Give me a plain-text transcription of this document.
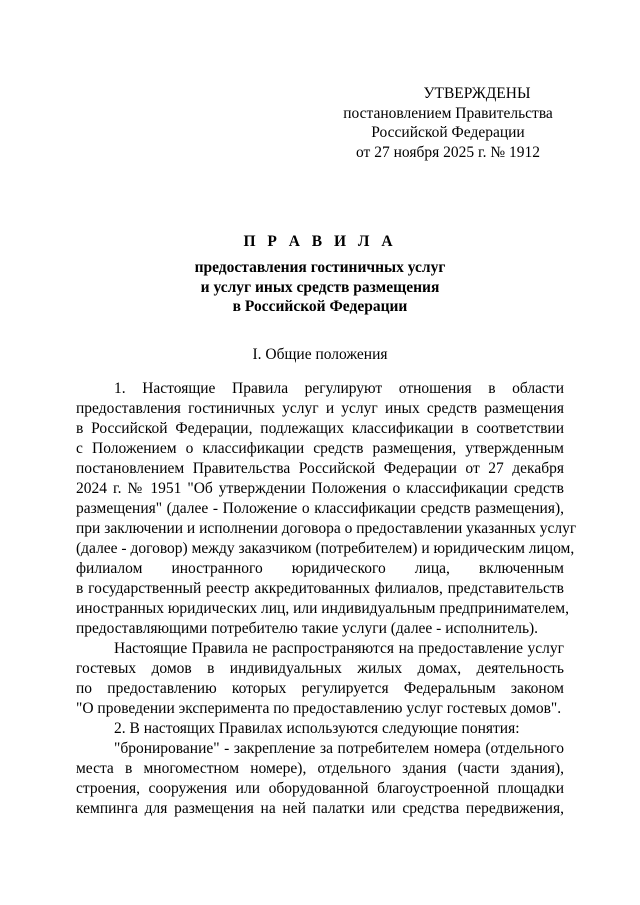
УТВЕРЖДЕНЫ
постановлением Правительства
Российской Федерации
от 27 ноября 2025 г. № 1912
П Р А В И Л А
предоставления гостиничных услуг
и услуг иных средств размещения
в Российской Федерации
I. Общие положения
1. Настоящие Правила регулируют отношения в области
предоставления гостиничных услуг и услуг иных средств размещения
в Российской Федерации, подлежащих классификации в соответствии
с Положением о классификации средств размещения, утвержденным
постановлением Правительства Российской Федерации от 27 декабря
2024 г. № 1951 "Об утверждении Положения о классификации средств
размещения" (далее - Положение о классификации средств размещения),
при заключении и исполнении договора о предоставлении указанных услуг
(далее - договор) между заказчиком (потребителем) и юридическим лицом,
филиалом иностранного юридического лица, включенным
в государственный реестр аккредитованных филиалов, представительств
иностранных юридических лиц, или индивидуальным предпринимателем,
предоставляющими потребителю такие услуги (далее - исполнитель).
Настоящие Правила не распространяются на предоставление услуг
гостевых домов в индивидуальных жилых домах, деятельность
по предоставлению которых регулируется Федеральным законом
"О проведении эксперимента по предоставлению услуг гостевых домов".
2. В настоящих Правилах используются следующие понятия:
"бронирование" - закрепление за потребителем номера (отдельного
места в многоместном номере), отдельного здания (части здания),
строения, сооружения или оборудованной благоустроенной площадки
кемпинга для размещения на ней палатки или средства передвижения,
